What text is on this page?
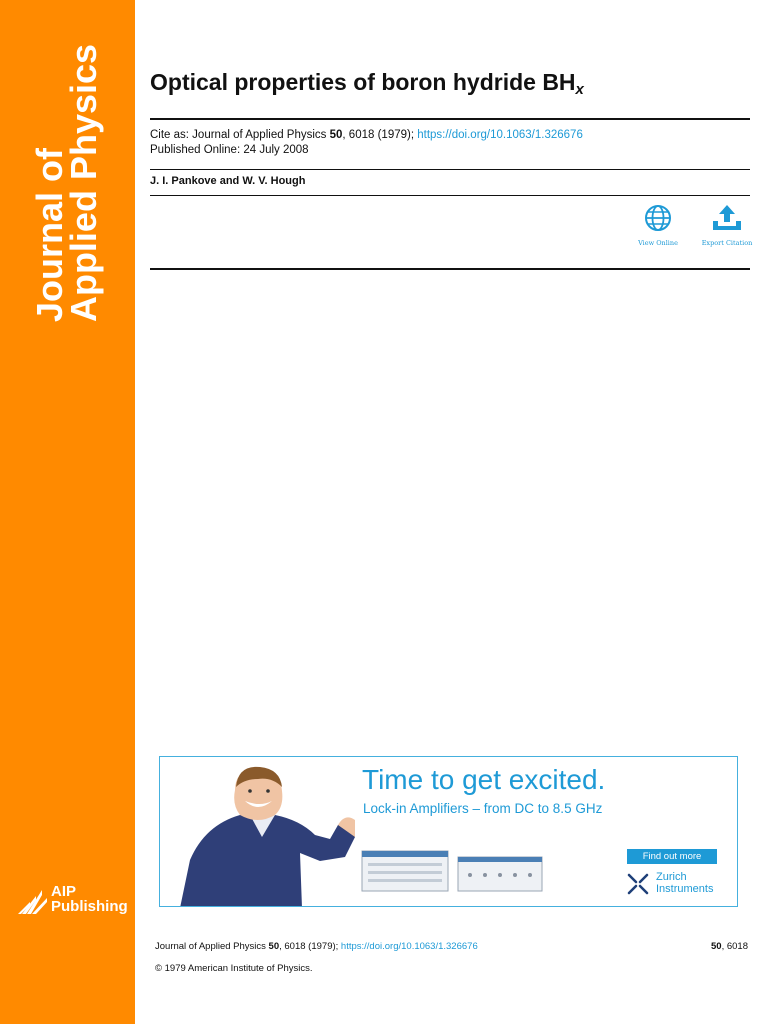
Journal of
Applied Physics
AIP
Publishing
Optical properties of boron hydride $BH_x$
Cite as: Journal of Applied Physics 50, 6018 (1979); https://doi.org/10.1063/1.326676
Published Online: 24 July 2008
J. I. Pankove and W. V. Hough
View Online	Export Citation
Time to get excited.
Lock-in Amplifiers – from DC to 8.5 GHz
Find out more
Zurich
Instruments
Journal of Applied Physics 50, 6018 (1979); https://doi.org/10.1063/1.326676	50, 6018
© 1979 American Institute of Physics.
